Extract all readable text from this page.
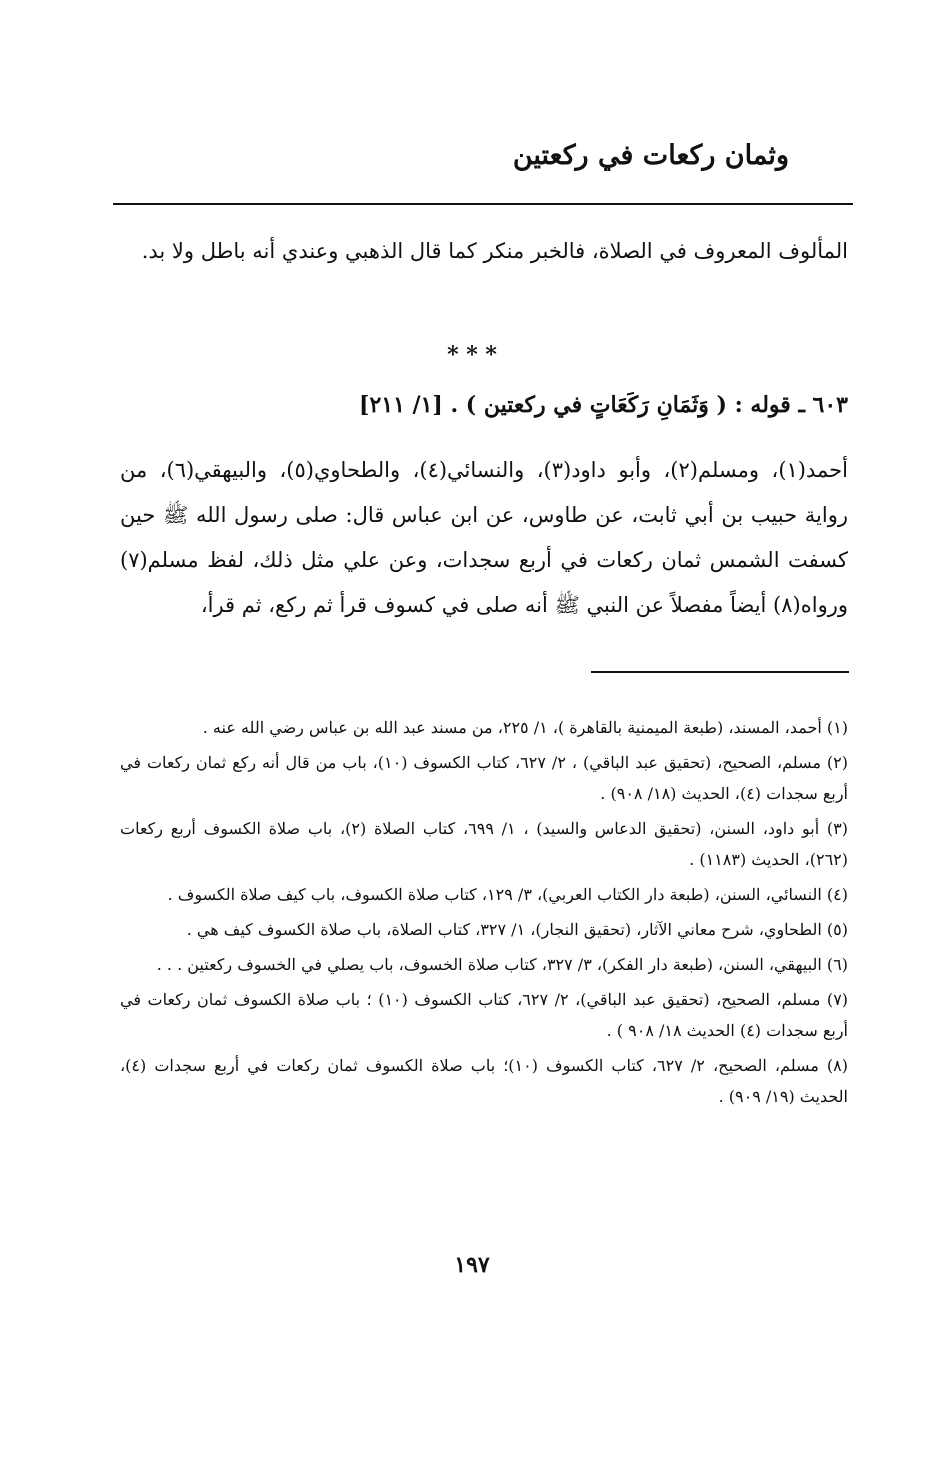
وثمان ركعات في ركعتين

المألوف المعروف في الصلاة، فالخبر منكر كما قال الذهبي وعندي أنه باطل ولا بد.

* * *
٦٠٣ ـ قوله : ( وَثَمَانِ رَكَعَاتٍ في ركعتين ) . [١/ ٢١١]

أحمد(١)، ومسلم(٢)، وأبو داود(٣)، والنسائي(٤)، والطحاوي(٥)، والبيهقي(٦)، من رواية حبيب بن أبي ثابت، عن طاوس، عن ابن عباس قال: صلى رسول الله ﷺ حين كسفت الشمس ثمان ركعات في أربع سجدات، وعن علي مثل ذلك، لفظ مسلم(٧) ورواه(٨) أيضاً مفصلاً عن النبي ﷺ أنه صلى في كسوف قرأ ثم ركع، ثم قرأ،

(١) أحمد، المسند، (طبعة الميمنية بالقاهرة )، ١/ ٢٢٥، من مسند عبد الله بن عباس رضي الله عنه .

(٢) مسلم، الصحيح، (تحقيق عبد الباقي) ، ٢/ ٦٢٧، كتاب الكسوف (١٠)، باب من قال أنه ركع ثمان ركعات في أربع سجدات (٤)، الحديث (١٨/ ٩٠٨) .

(٣) أبو داود، السنن، (تحقيق الدعاس والسيد) ، ١/ ٦٩٩، كتاب الصلاة (٢)، باب صلاة الكسوف أربع ركعات (٢٦٢)، الحديث (١١٨٣) .

(٤) النسائي، السنن، (طبعة دار الكتاب العربي)، ٣/ ١٢٩، كتاب صلاة الكسوف، باب كيف صلاة الكسوف .

(٥) الطحاوي، شرح معاني الآثار، (تحقيق النجار)، ١/ ٣٢٧، كتاب الصلاة، باب صلاة الكسوف كيف هي .

(٦) البيهقي، السنن، (طبعة دار الفكر)، ٣/ ٣٢٧، كتاب صلاة الخسوف، باب يصلي في الخسوف ركعتين . . .

(٧) مسلم، الصحيح، (تحقيق عبد الباقي)، ٢/ ٦٢٧، كتاب الكسوف (١٠) ؛ باب صلاة الكسوف ثمان ركعات في أربع سجدات (٤) الحديث ١٨/ ٩٠٨ ) .

(٨) مسلم، الصحيح، ٢/ ٦٢٧، كتاب الكسوف (١٠)؛ باب صلاة الكسوف ثمان ركعات في أربع سجدات (٤)، الحديث (١٩/ ٩٠٩) .

١٩٧
